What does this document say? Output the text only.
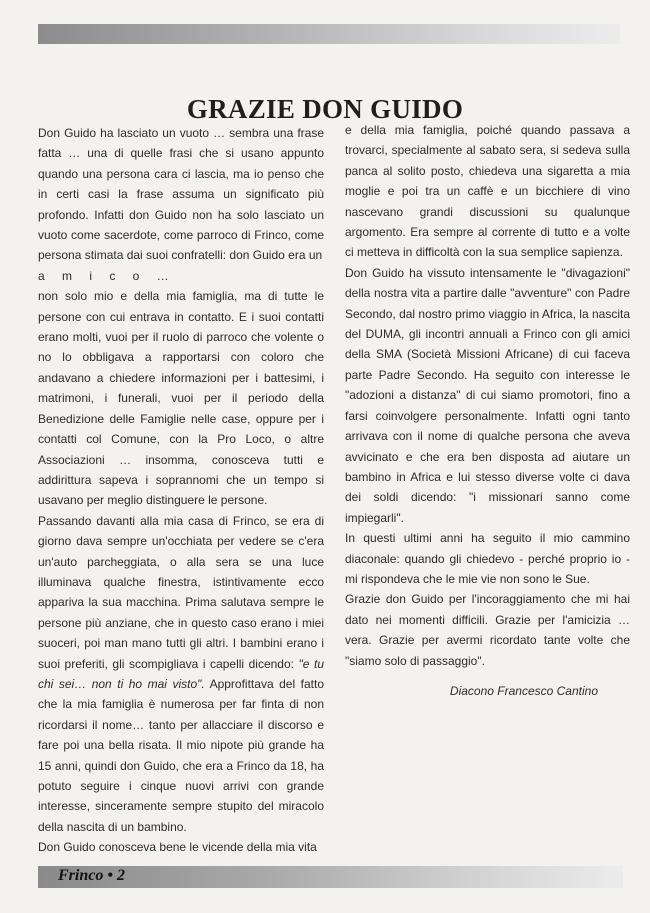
GRAZIE DON GUIDO

Don Guido ha lasciato un vuoto … sembra una frase fatta … una di quelle frasi che si usano appunto quando una persona cara ci lascia, ma io penso che in certi casi la frase assuma un significato più profondo. Infatti don Guido non ha solo lasciato un vuoto come sacerdote, come parroco di Frinco, come persona stimata dai suoi confratelli: don Guido era un

a m i c o …

non solo mio e della mia famiglia, ma di tutte le persone con cui entrava in contatto. E i suoi contatti erano molti, vuoi per il ruolo di parroco che volente o no lo obbligava a rapportarsi con coloro che andavano a chiedere informazioni per i battesimi, i matrimoni, i funerali, vuoi per il periodo della Benedizione delle Famiglie nelle case, oppure per i contatti col Comune, con la Pro Loco, o altre Associazioni … insomma, conosceva tutti e addirittura sapeva i soprannomi che un tempo si usavano per meglio distinguere le persone.

Passando davanti alla mia casa di Frinco, se era di giorno dava sempre un'occhiata per vedere se c'era un'auto parcheggiata, o alla sera se una luce illuminava qualche finestra, istintivamente ecco appariva la sua macchina. Prima salutava sempre le persone più anziane, che in questo caso erano i miei suoceri, poi man mano tutti gli altri. I bambini erano i suoi preferiti, gli scompigliava i capelli dicendo: "e tu chi sei… non ti ho mai visto". Approfittava del fatto che la mia famiglia è numerosa per far finta di non ricordarsi il nome… tanto per allacciare il discorso e fare poi una bella risata. Il mio nipote più grande ha 15 anni, quindi don Guido, che era a Frinco da 18, ha potuto seguire i cinque nuovi arrivi con grande interesse, sinceramente sempre stupito del miracolo della nascita di un bambino.

Don Guido conosceva bene le vicende della mia vita

e della mia famiglia, poiché quando passava a trovarci, specialmente al sabato sera, si sedeva sulla panca al solito posto, chiedeva una sigaretta a mia moglie e poi tra un caffè e un bicchiere di vino nascevano grandi discussioni su qualunque argomento. Era sempre al corrente di tutto e a volte ci metteva in difficoltà con la sua semplice sapienza.

Don Guido ha vissuto intensamente le "divagazioni" della nostra vita a partire dalle "avventure" con Padre Secondo, dal nostro primo viaggio in Africa, la nascita del DUMA, gli incontri annuali a Frinco con gli amici della SMA (Società Missioni Africane) di cui faceva parte Padre Secondo. Ha seguito con interesse le "adozioni a distanza" di cui siamo promotori, fino a farsi coinvolgere personalmente. Infatti ogni tanto arrivava con il nome di qualche persona che aveva avvicinato e che era ben disposta ad aiutare un bambino in Africa e lui stesso diverse volte ci dava dei soldi dicendo: "i missionari sanno come impiegarli".

In questi ultimi anni ha seguito il mio cammino diaconale: quando gli chiedevo - perché proprio io - mi rispondeva che le mie vie non sono le Sue.

Grazie don Guido per l'incoraggiamento che mi hai dato nei momenti difficili. Grazie per l'amicizia … vera. Grazie per avermi ricordato tante volte che "siamo solo di passaggio".

Diacono Francesco Cantino

Frinco • 2
